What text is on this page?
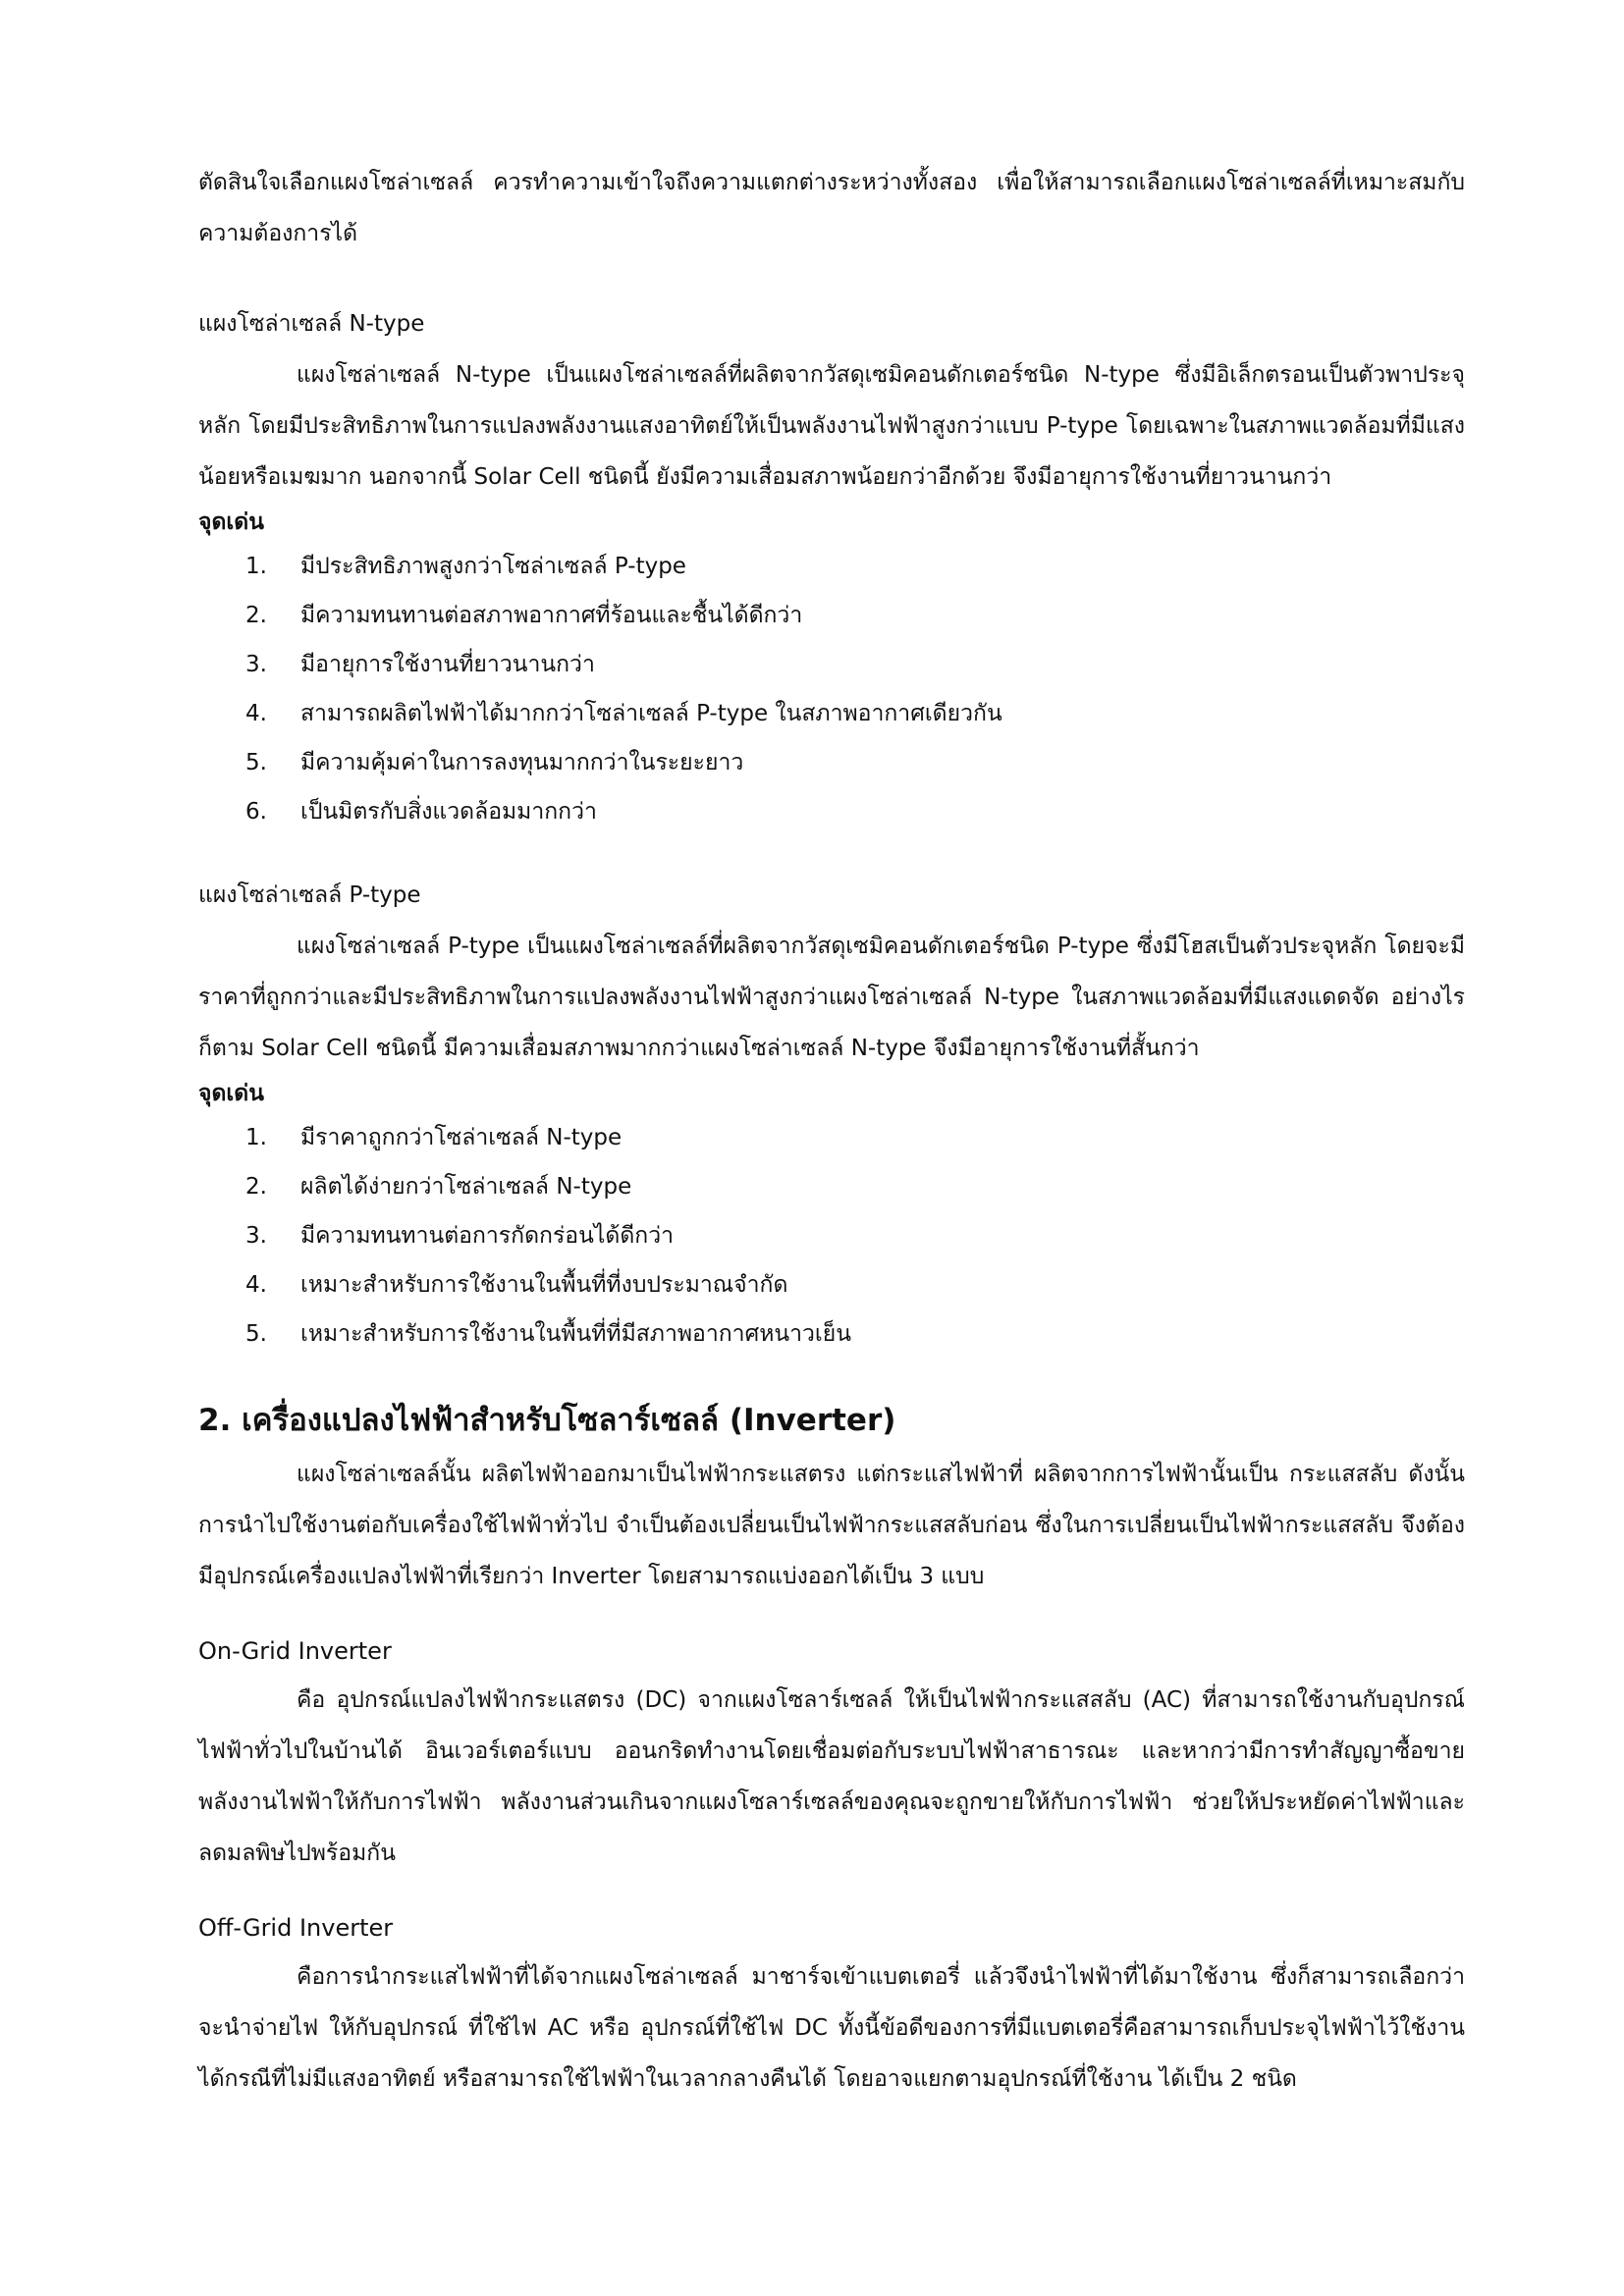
ตัดสินใจเลือกแผงโซล่าเซลล์ ควรทำความเข้าใจถึงความแตกต่างระหว่างทั้งสอง เพื่อให้สามารถเลือกแผงโซล่าเซลล์ที่เหมาะสมกับความต้องการได้

แผงโซล่าเซลล์ N-type

แผงโซล่าเซลล์ N-type เป็นแผงโซล่าเซลล์ที่ผลิตจากวัสดุเซมิคอนดักเตอร์ชนิด N-type ซึ่งมีอิเล็กตรอนเป็นตัวพาประจุหลัก โดยมีประสิทธิภาพในการแปลงพลังงานแสงอาทิตย์ให้เป็นพลังงานไฟฟ้าสูงกว่าแบบ P-type โดยเฉพาะในสภาพแวดล้อมที่มีแสงน้อยหรือเมฆมาก นอกจากนี้ Solar Cell ชนิดนี้ ยังมีความเสื่อมสภาพน้อยกว่าอีกด้วย จึงมีอายุการใช้งานที่ยาวนานกว่า

จุดเด่น

1.	มีประสิทธิภาพสูงกว่าโซล่าเซลล์ P-type
2.	มีความทนทานต่อสภาพอากาศที่ร้อนและชื้นได้ดีกว่า
3.	มีอายุการใช้งานที่ยาวนานกว่า
4.	สามารถผลิตไฟฟ้าได้มากกว่าโซล่าเซลล์ P-type ในสภาพอากาศเดียวกัน
5.	มีความคุ้มค่าในการลงทุนมากกว่าในระยะยาว
6.	เป็นมิตรกับสิ่งแวดล้อมมากกว่า

แผงโซล่าเซลล์ P-type

แผงโซล่าเซลล์ P-type เป็นแผงโซล่าเซลล์ที่ผลิตจากวัสดุเซมิคอนดักเตอร์ชนิด P-type ซึ่งมีโฮสเป็นตัวประจุหลัก โดยจะมีราคาที่ถูกกว่าและมีประสิทธิภาพในการแปลงพลังงานไฟฟ้าสูงกว่าแผงโซล่าเซลล์ N-type ในสภาพแวดล้อมที่มีแสงแดดจัด อย่างไรก็ตาม Solar Cell ชนิดนี้ มีความเสื่อมสภาพมากกว่าแผงโซล่าเซลล์ N-type จึงมีอายุการใช้งานที่สั้นกว่า

จุดเด่น

1.	มีราคาถูกกว่าโซล่าเซลล์ N-type
2.	ผลิตได้ง่ายกว่าโซล่าเซลล์ N-type
3.	มีความทนทานต่อการกัดกร่อนได้ดีกว่า
4.	เหมาะสำหรับการใช้งานในพื้นที่ที่งบประมาณจำกัด
5.	เหมาะสำหรับการใช้งานในพื้นที่ที่มีสภาพอากาศหนาวเย็น
2. เครื่องแปลงไฟฟ้าสำหรับโซลาร์เซลล์ (Inverter)

แผงโซล่าเซลล์นั้น ผลิตไฟฟ้าออกมาเป็นไฟฟ้ากระแสตรง แต่กระแสไฟฟ้าที่ ผลิตจากการไฟฟ้านั้นเป็น กระแสสลับ ดังนั้นการนำไปใช้งานต่อกับเครื่องใช้ไฟฟ้าทั่วไป จำเป็นต้องเปลี่ยนเป็นไฟฟ้ากระแสสลับก่อน ซึ่งในการเปลี่ยนเป็นไฟฟ้ากระแสสลับ จึงต้องมีอุปกรณ์เครื่องแปลงไฟฟ้าที่เรียกว่า Inverter โดยสามารถแบ่งออกได้เป็น 3 แบบ

On-Grid Inverter

คือ อุปกรณ์แปลงไฟฟ้ากระแสตรง (DC) จากแผงโซลาร์เซลล์ ให้เป็นไฟฟ้ากระแสสลับ (AC) ที่สามารถใช้งานกับอุปกรณ์ไฟฟ้าทั่วไปในบ้านได้ อินเวอร์เตอร์แบบ ออนกริดทำงานโดยเชื่อมต่อกับระบบไฟฟ้าสาธารณะ และหากว่ามีการทำสัญญาซื้อขายพลังงานไฟฟ้าให้กับการไฟฟ้า พลังงานส่วนเกินจากแผงโซลาร์เซลล์ของคุณจะถูกขายให้กับการไฟฟ้า ช่วยให้ประหยัดค่าไฟฟ้าและลดมลพิษไปพร้อมกัน

Off-Grid Inverter

คือการนำกระแสไฟฟ้าที่ได้จากแผงโซล่าเซลล์ มาชาร์จเข้าแบตเตอรี่ แล้วจึงนำไฟฟ้าที่ได้มาใช้งาน ซึ่งก็สามารถเลือกว่าจะนำจ่ายไฟ ให้กับอุปกรณ์ ที่ใช้ไฟ AC หรือ อุปกรณ์ที่ใช้ไฟ DC ทั้งนี้ข้อดีของการที่มีแบตเตอรี่คือสามารถเก็บประจุไฟฟ้าไว้ใช้งานได้กรณีที่ไม่มีแสงอาทิตย์ หรือสามารถใช้ไฟฟ้าในเวลากลางคืนได้ โดยอาจแยกตามอุปกรณ์ที่ใช้งาน ได้เป็น 2 ชนิด
